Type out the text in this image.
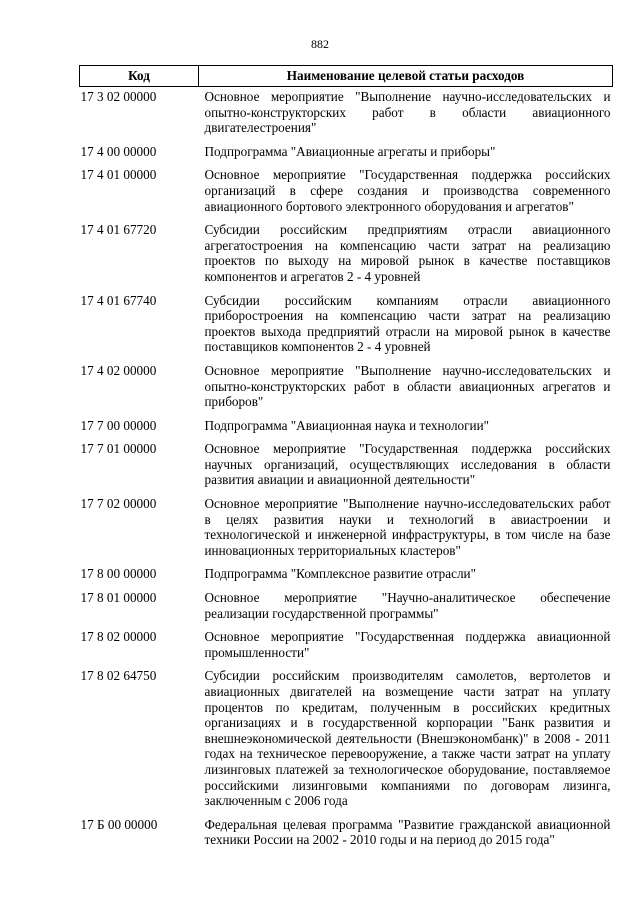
882
Код	Наименование целевой статьи расходов
17 3 02 00000	Основное мероприятие "Выполнение научно-исследовательских и опытно-конструкторских работ в области авиационного двигателестроения"
17 4 00 00000	Подпрограмма "Авиационные агрегаты и приборы"
17 4 01 00000	Основное мероприятие "Государственная поддержка российских организаций в сфере создания и производства современного авиационного бортового электронного оборудования и агрегатов"
17 4 01 67720	Субсидии российским предприятиям отрасли авиационного агрегатостроения на компенсацию части затрат на реализацию проектов по выходу на мировой рынок в качестве поставщиков компонентов и агрегатов 2 - 4 уровней
17 4 01 67740	Субсидии российским компаниям отрасли авиационного приборостроения на компенсацию части затрат на реализацию проектов выхода предприятий отрасли на мировой рынок в качестве поставщиков компонентов 2 - 4 уровней
17 4 02 00000	Основное мероприятие "Выполнение научно-исследовательских и опытно-конструкторских работ в области авиационных агрегатов и приборов"
17 7 00 00000	Подпрограмма "Авиационная наука и технологии"
17 7 01 00000	Основное мероприятие "Государственная поддержка российских научных организаций, осуществляющих исследования в области развития авиации и авиационной деятельности"
17 7 02 00000	Основное мероприятие "Выполнение научно-исследовательских работ в целях развития науки и технологий в авиастроении и технологической и инженерной инфраструктуры, в том числе на базе инновационных территориальных кластеров"
17 8 00 00000	Подпрограмма "Комплексное развитие отрасли"
17 8 01 00000	Основное мероприятие "Научно-аналитическое обеспечение реализации государственной программы"
17 8 02 00000	Основное мероприятие "Государственная поддержка авиационной промышленности"
17 8 02 64750	Субсидии российским производителям самолетов, вертолетов и авиационных двигателей на возмещение части затрат на уплату процентов по кредитам, полученным в российских кредитных организациях и в государственной корпорации "Банк развития и внешнеэкономической деятельности (Внешэкономбанк)" в 2008 - 2011 годах на техническое перевооружение, а также части затрат на уплату лизинговых платежей за технологическое оборудование, поставляемое российскими лизинговыми компаниями по договорам лизинга, заключенным с 2006 года
17 Б 00 00000	Федеральная целевая программа "Развитие гражданской авиационной техники России на 2002 - 2010 годы и на период до 2015 года"
